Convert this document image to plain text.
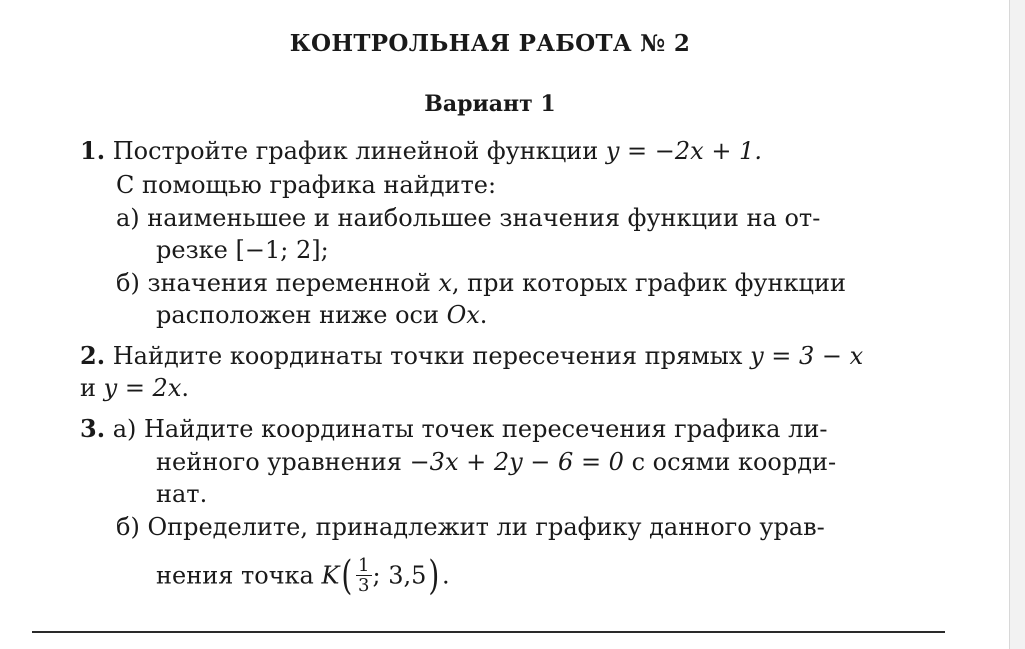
КОНТРОЛЬНАЯ РАБОТА № 2
Вариант 1
1. Постройте график линейной функции y = −2x + 1.
С помощью графика найдите:
а) наименьшее и наибольшее значения функции на от-
резке [−1; 2];
б) значения переменной x, при которых график функции
расположен ниже оси Ox.
2. Найдите координаты точки пересечения прямых y = 3 − x
и y = 2x.
3. а) Найдите координаты точек пересечения графика ли-
нейного уравнения −3x + 2y − 6 = 0 с осями коорди-
нат.
б) Определите, принадлежит ли графику данного урав-
нения точка $K( \frac{1}{3}$ ; 3,5).
